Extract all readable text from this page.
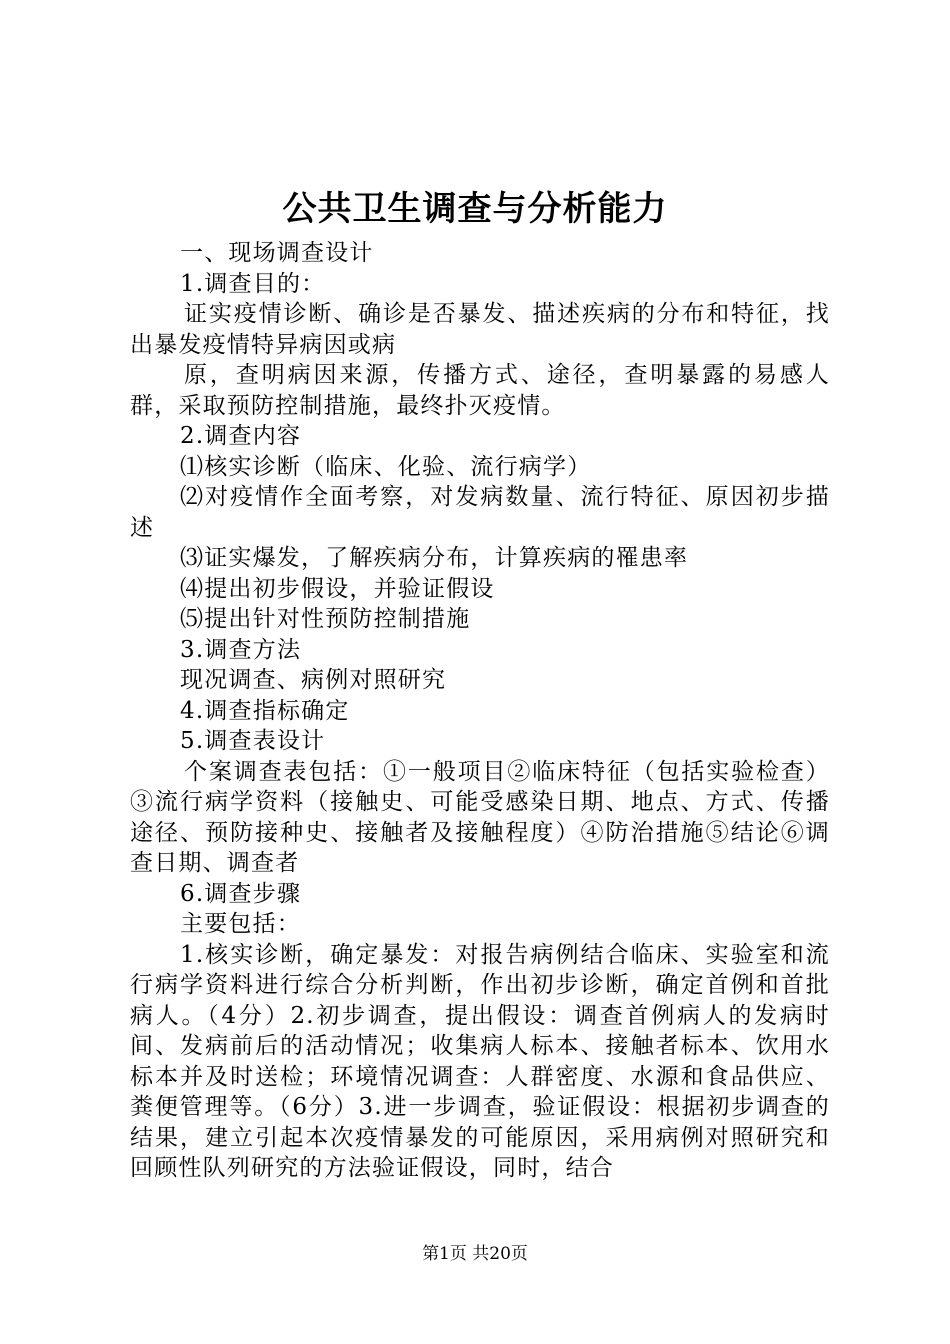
公共卫生调查与分析能力

一、现场调查设计

1.调查目的：

证实疫情诊断、确诊是否暴发、描述疾病的分布和特征，找出暴发疫情特异病因或病

原，查明病因来源，传播方式、途径，查明暴露的易感人群，采取预防控制措施，最终扑灭疫情。

2.调查内容

⑴核实诊断（临床、化验、流行病学）

⑵对疫情作全面考察，对发病数量、流行特征、原因初步描述

⑶证实爆发，了解疾病分布，计算疾病的罹患率

⑷提出初步假设，并验证假设

⑸提出针对性预防控制措施

3.调查方法

现况调查、病例对照研究

4.调查指标确定

5.调查表设计

个案调查表包括：①一般项目②临床特征（包括实验检查）③流行病学资料（接触史、可能受感染日期、地点、方式、传播途径、预防接种史、接触者及接触程度）④防治措施⑤结论⑥调查日期、调查者

6.调查步骤

主要包括：

1.核实诊断，确定暴发：对报告病例结合临床、实验室和流行病学资料进行综合分析判断，作出初步诊断，确定首例和首批病人。（4分）2.初步调查，提出假设：调查首例病人的发病时间、发病前后的活动情况；收集病人标本、接触者标本、饮用水标本并及时送检；环境情况调查：人群密度、水源和食品供应、粪便管理等。（6分）3.进一步调查，验证假设：根据初步调查的结果，建立引起本次疫情暴发的可能原因，采用病例对照研究和回顾性队列研究的方法验证假设，同时，结合

第1页 共20页
